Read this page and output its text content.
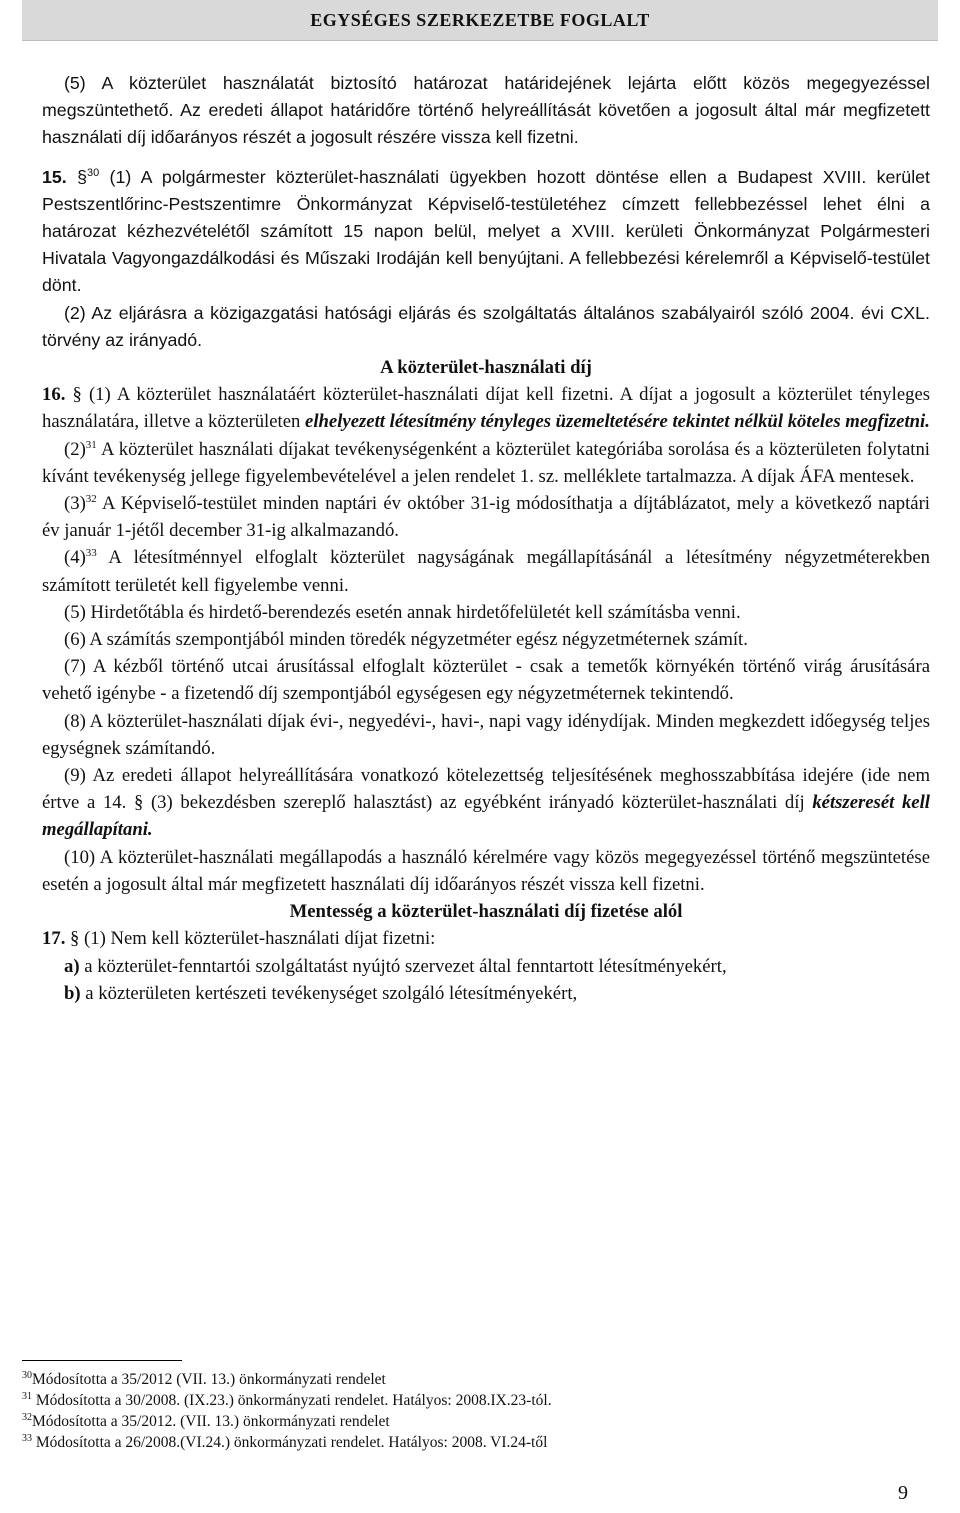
EGYSÉGES SZERKEZETBE FOGLALT

(5) A közterület használatát biztosító határozat határidejének lejárta előtt közös megegyezéssel megszüntethető. Az eredeti állapot határidőre történő helyreállítását követően a jogosult által már megfizetett használati díj időarányos részét a jogosult részére vissza kell fizetni.

15. §$^{30}$ (1) A polgármester közterület-használati ügyekben hozott döntése ellen a Budapest XVIII. kerület Pestszentlőrinc-Pestszentimre Önkormányzat Képviselő-testületéhez címzett fellebbezéssel lehet élni a határozat kézhezvételétől számított 15 napon belül, melyet a XVIII. kerületi Önkormányzat Polgármesteri Hivatala Vagyongazdálkodási és Műszaki Irodáján kell benyújtani. A fellebbezési kérelemről a Képviselő-testület dönt.

(2) Az eljárásra a közigazgatási hatósági eljárás és szolgáltatás általános szabályairól szóló 2004. évi CXL. törvény az irányadó.

A közterület-használati díj

16. § (1) A közterület használatáért közterület-használati díjat kell fizetni. A díjat a jogosult a közterület tényleges használatára, illetve a közterületen elhelyezett létesítmény tényleges üzemeltetésére tekintet nélkül köteles megfizetni.

$(2)^{31}$ A közterület használati díjakat tevékenységenként a közterület kategóriába sorolása és a közterületen folytatni kívánt tevékenység jellege figyelembevételével a jelen rendelet 1. sz. melléklete tartalmazza. A díjak ÁFA mentesek.

$(3)^{32}$ A Képviselő-testület minden naptári év október 31-ig módosíthatja a díjtáblázatot, mely a következő naptári év január 1-jétől december 31-ig alkalmazandó.

$(4)^{33}$ A létesítménnyel elfoglalt közterület nagyságának megállapításánál a létesítmény négyzetméterekben számított területét kell figyelembe venni.

(5) Hirdetőtábla és hirdető-berendezés esetén annak hirdetőfelületét kell számításba venni.

(6) A számítás szempontjából minden töredék négyzetméter egész négyzetméternek számít.

(7) A kézből történő utcai árusítással elfoglalt közterület - csak a temetők környékén történő virág árusítására vehető igénybe - a fizetendő díj szempontjából egységesen egy négyzetméternek tekintendő.

(8) A közterület-használati díjak évi-, negyedévi-, havi-, napi vagy idénydíjak. Minden megkezdett időegység teljes egységnek számítandó.

(9) Az eredeti állapot helyreállítására vonatkozó kötelezettség teljesítésének meghosszabbítása idejére (ide nem értve a 14. § (3) bekezdésben szereplő halasztást) az egyébként irányadó közterület-használati díj kétszeresét kell megállapítani.

(10) A közterület-használati megállapodás a használó kérelmére vagy közös megegyezéssel történő megszüntetése esetén a jogosult által már megfizetett használati díj időarányos részét vissza kell fizetni.

Mentesség a közterület-használati díj fizetése alól

17. § (1) Nem kell közterület-használati díjat fizetni:

a) a közterület-fenntartói szolgáltatást nyújtó szervezet által fenntartott létesítményekért,

b) a közterületen kertészeti tevékenységet szolgáló létesítményekért,

$^{30}$Módosította a 35/2012 (VII. 13.) önkormányzati rendelet
$^{31}$ Módosította a 30/2008. (IX.23.) önkormányzati rendelet. Hatályos: 2008.IX.23-tól.
$^{32}$Módosította a 35/2012. (VII. 13.) önkormányzati rendelet
$^{33}$ Módosította a 26/2008.(VI.24.) önkormányzati rendelet. Hatályos: 2008. VI.24-től
9
